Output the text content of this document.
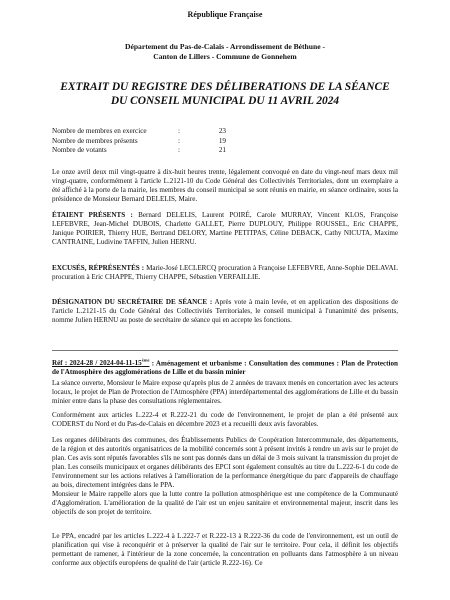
République Française
Département du Pas-de-Calais - Arrondissement de Béthune -
Canton de Lillers - Commune de Gonnehem
EXTRAIT DU REGISTRE DES DÉLIBERATIONS DE LA SÉANCE
DU CONSEIL MUNICIPAL DU 11 AVRIL 2024
Nombre de membres en exercice	:	23
Nombre de membres présents	:	19
Nombre de votants	:	21
Le onze avril deux mil vingt-quatre à dix-huit heures trente, légalement convoqué en date du vingt-neuf mars deux mil vingt-quatre, conformément à l'article L.2121-10 du Code Général des Collectivités Territoriales, dont un exemplaire a été affiché à la porte de la mairie, les membres du conseil municipal se sont réunis en mairie, en séance ordinaire, sous la présidence de Monsieur Bernard DELELIS, Maire.
ÉTAIENT PRÉSENTS : Bernard DELELIS, Laurent POIRÉ, Carole MURRAY, Vincent KLOS, Françoise LEFEBVRE, Jean-Michel DUBOIS, Charlette GALLET, Pierre DUPLOUY, Philippe ROUSSEL, Eric CHAPPE, Janique POIRIER, Thierry HUE, Bertrand DELORY, Martine PETITPAS, Céline DEBACK, Cathy NICUTA, Maxime CANTRAINE, Ludivine TAFFIN, Julien HERNU.
EXCUSÉS, RÉPRÉSENTÉS : Marie-José LECLERCQ procuration à Françoise LEFEBVRE, Anne-Sophie DELAVAL procuration à Eric CHAPPE, Thierry CHAPPE, Sébastien VERFAILLIE.
DÉSIGNATION DU SECRÉTAIRE DE SÉANCE : Après vote à main levée, et en application des dispositions de l'article L.2121-15 du Code Général des Collectivités Territoriales, le conseil municipal à l'unanimité des présents, nomme Julien HERNU au poste de secrétaire de séance qui en accepte les fonctions.
Réf : 2024-28 / 2024-04-11-15ème : Aménagement et urbanisme : Consultation des communes : Plan de Protection de l'Atmosphère des agglomérations de Lille et du bassin minier
La séance ouverte, Monsieur le Maire expose qu'après plus de 2 années de travaux menés en concertation avec les acteurs locaux, le projet de Plan de Protection de l'Atmosphère (PPA) interdépartemental des agglomérations de Lille et du bassin minier entre dans la phase des consultations réglementaires.
Conformément aux articles L.222-4 et R.222-21 du code de l'environnement, le projet de plan a été présenté aux CODERST du Nord et du Pas-de-Calais en décembre 2023 et a recueilli deux avis favorables.
Les organes délibérants des communes, des Établissements Publics de Coopération Intercommunale, des départements, de la région et des autorités organisatrices de la mobilité concernés sont à présent invités à rendre un avis sur le projet de plan. Ces avis sont réputés favorables s'ils ne sont pas donnés dans un délai de 3 mois suivant la transmission du projet de plan. Les conseils municipaux et organes délibérants des EPCI sont également consultés au titre du L.222-6-1 du code de l'environnement sur les actions relatives à l'amélioration de la performance énergétique du parc d'appareils de chauffage au bois, directement intégrées dans le PPA.
Monsieur le Maire rappelle alors que la lutte contre la pollution atmosphérique est une compétence de la Communauté d'Agglomération. L'amélioration de la qualité de l'air est un enjeu sanitaire et environnemental majeur, inscrit dans les objectifs de son projet de territoire.
Le PPA, encadré par les articles L.222-4 à L.222-7 et R.222-13 à R.222-36 du code de l'environnement, est un outil de planification qui vise à reconquérir et à préserver la qualité de l'air sur le territoire. Pour cela, il définit les objectifs permettant de ramener, à l'intérieur de la zone concernée, la concentration en polluants dans l'atmosphère à un niveau conforme aux objectifs européens de qualité de l'air (article R.222-16). Ce
